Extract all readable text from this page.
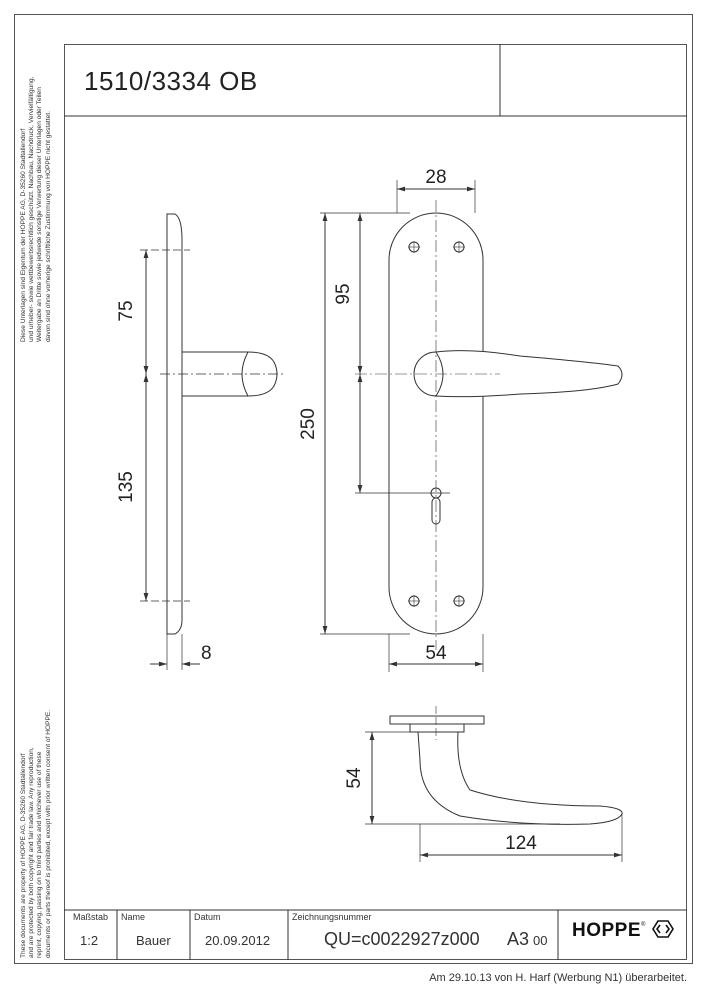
1510/3334 OB
Diese Unterlagen sind Eigentum der HOPPE AG, D-35260 Stadtallendorf und urheber- sowie wettbewerbsrechtlich geschützt. Nachbau, Nachdruck, Vervielfältigung, Weitergabe an Dritte sowie jedwede sonstige Verwertung dieser Unterlagen oder Teilen davon sind ohne vorherige schriftliche Zustimmung von HOPPE nicht gestattet.
These documents are property of HOPPE AG, D-35260 Stadtallendorf and are protected by both copyright and fair trade law. Any reproduction, reprint, copying, passing on to third parties and whichever use of these documents or parts thereof is prohibited, except with prior written consent of HOPPE.
75
135
8
28
95
250
54
54
124
Maßstab
1:2
Name
Bauer
Datum
20.09.2012
Zeichnungsnummer
QU=c0022927z000 A3 00 HOPPE®
Am 29.10.13 von H. Harf (Werbung N1) überarbeitet.
